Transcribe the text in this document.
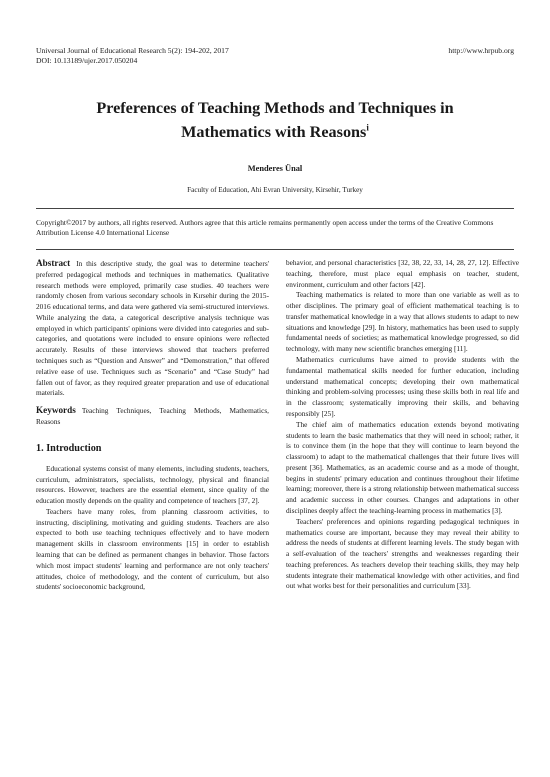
Universal Journal of Educational Research 5(2): 194-202, 2017	http://www.hrpub.org
DOI: 10.13189/ujer.2017.050204
Preferences of Teaching Methods and Techniques in
Mathematics with Reasons$^i$
Menderes Ünal
Faculty of Education, Ahi Evran University, Kirsehir, Turkey
Copyright©2017 by authors, all rights reserved. Authors agree that this article remains permanently open access under the terms of the Creative Commons Attribution License 4.0 International License

Abstract In this descriptive study, the goal was to determine teachers' preferred pedagogical methods and techniques in mathematics. Qualitative research methods were employed, primarily case studies. 40 teachers were randomly chosen from various secondary schools in Kırsehir during the 2015-2016 educational terms, and data were gathered via semi-structured interviews. While analyzing the data, a categorical descriptive analysis technique was employed in which participants' opinions were divided into categories and sub-categories, and quotations were included to ensure opinions were reflected accurately. Results of these interviews showed that teachers preferred techniques such as “Question and Answer” and “Demonstration,” that offered relative ease of use. Techniques such as “Scenario” and “Case Study” had fallen out of favor, as they required greater preparation and use of educational materials.

Keywords Teaching Techniques, Teaching Methods, Mathematics, Reasons

1. Introduction

Educational systems consist of many elements, including students, teachers, curriculum, administrators, specialists, technology, physical and financial resources. However, teachers are the essential element, since quality of the education mostly depends on the quality and competence of teachers [37, 2].

Teachers have many roles, from planning classroom activities, to instructing, disciplining, motivating and guiding students. Teachers are also expected to both use teaching techniques effectively and to have modern management skills in classroom environments [15] in order to establish learning that can be defined as permanent changes in behavior. Those factors which most impact students' learning and performance are not only teachers' attitudes, choice of methodology, and the content of curriculum, but also students' socioeconomic background,

behavior, and personal characteristics [32, 38, 22, 33, 14, 28, 27, 12]. Effective teaching, therefore, must place equal emphasis on teacher, student, environment, curriculum and other factors [42].

Teaching mathematics is related to more than one variable as well as to other disciplines. The primary goal of efficient mathematical teaching is to transfer mathematical knowledge in a way that allows students to adapt to new situations and knowledge [29]. In history, mathematics has been used to supply fundamental needs of societies; as mathematical knowledge progressed, so did technology, with many new scientific branches emerging [11].

Mathematics curriculums have aimed to provide students with the fundamental mathematical skills needed for further education, including understand mathematical concepts; developing their own mathematical thinking and problem-solving processes; using these skills both in real life and in the classroom; systematically improving their skills, and behaving responsibly [25].

The chief aim of mathematics education extends beyond motivating students to learn the basic mathematics that they will need in school; rather, it is to convince them (in the hope that they will continue to learn beyond the classroom) to adapt to the mathematical challenges that their future lives will present [36]. Mathematics, as an academic course and as a mode of thought, begins in students' primary education and continues throughout their lifetime learning; moreover, there is a strong relationship between mathematical success and academic success in other courses. Changes and adaptations in other disciplines deeply affect the teaching-learning process in mathematics [3].

Teachers' preferences and opinions regarding pedagogical techniques in mathematics course are important, because they may reveal their ability to address the needs of students at different learning levels. The study began with a self-evaluation of the teachers' strengths and weaknesses regarding their teaching preferences. As teachers develop their teaching skills, they may help students integrate their mathematical knowledge with other activities, and find out what works best for their personalities and curriculum [33].
